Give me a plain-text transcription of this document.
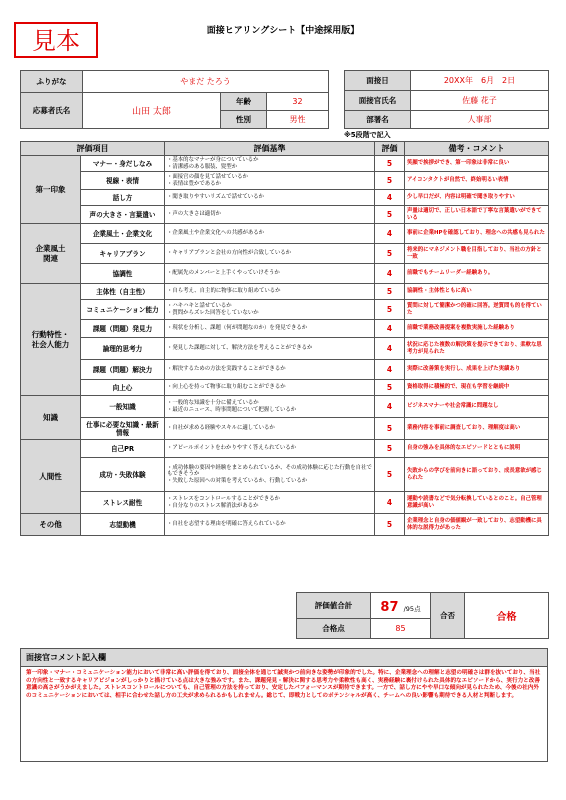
見本	面接ヒアリングシート【中途採用版】
ふりがな	やまだ たろう		
応募者氏名	山田 太郎	年齢	32
		性別	男性
面接日	20XX年　6月　2日
面接官氏名	佐藤 花子
部署名	人事部
※5段階で記入
評価項目		評価基準	評価	備考・コメント
第一印象	マナー・身だしなみ	・基本的なマナーが身についているか
・清潔感のある服装、髪型か	5	笑顔で挨拶ができ、第一印象は非常に良い
	視線・表情	・面接官の顔を見て話せているか
・表情は豊かであるか	5	アイコンタクトが自然で、終始明るい表情
	話し方	・聞き取りやすいリズムで話せているか	4	少し早口だが、内容は明確で聞き取りやすい
	声の大きさ・言葉遣い	・声の大きさは適切か	5	声量は適切で、正しい日本語で丁寧な言葉遣いができている
企業風土
関連	企業風土・企業文化	・企業風土や企業文化への共感があるか	4	事前に企業HPを確認しており、理念への共感も見られた
	キャリアプラン	・キャリアプランと会社の方向性が合致しているか	5	将来的にマネジメント職を目指しており、当社の方針と一致
	協調性	・配属先のメンバーと上手くやっていけそうか	4	前職でもチームリーダー経験あり。
行動特性・
社会人能力	主体性（自主性）	・自ら考え、自主的に物事に取り組めているか	5	協調性・主体性ともに高い
	コミュニケーション能力	・ハキハキと話せているか
・質問からズレた回答をしていないか	5	質問に対して簡潔かつ的確に回答。逆質問も的を得ていた
	課題（問題）発見力	・現状を分析し、課題（何が問題なのか）を発見できるか	4	前職で業務改善提案を複数実施した経験あり
	論理的思考力	・発見した課題に対して、解決方法を考えることができるか	4	状況に応じた複数の解決策を提示できており、柔軟な思考力が見られた
	課題（問題）解決力	・解決するための方法を実践することができるか	4	実際に改善策を実行し、成果を上げた実績あり
	向上心	・向上心を持って物事に取り組むことができるか	5	資格取得に積極的で、現在も学習を継続中
知識	一般知識	・一般的な知識を十分に備えているか
・最近のニュース、時事問題について把握しているか	4	ビジネスマナーや社会常識に問題なし
	仕事に必要な知識・最新情報	・自社が求める経験やスキルに適しているか	5	業務内容を事前に調査しており、理解度は高い
人間性	自己PR	・アピールポイントをわかりやすく答えられているか	5	自身の強みを具体的なエピソードとともに説明
	成功・失敗体験	・成功体験の要因や経験をまとめられているか、その成功体験に応じた行動を自社でもできそうか
・失敗した原因への対策を考えているか、行動しているか	5	失敗からの学びを前向きに語っており、成長意欲が感じられた
	ストレス耐性	・ストレスをコントロールすることができるか
・自分なりのストレス解消法があるか	4	運動や読書などで気分転換しているとのこと。自己管理意識が高い
その他	志望動機	・自社を志望する理由を明確に答えられているか	5	企業理念と自身の価値観が一致しており、志望動機に具体的な説得力があった
評価値合計	87 /95点	合否	合格
合格点	85		
面接官コメント記入欄
第一印象・マナー・コミュニケーション能力において非常に高い評価を得ており、面接全体を通じて誠実かつ前向きな姿勢が印象的でした。特に、企業理念への理解と志望の明確さは群を抜いており、当社の方向性と一致するキャリアビジョンがしっかりと描けている点は大きな強みです。また、課題発見・解決に関する思考力や柔軟性も高く、実務経験に裏付けられた具体的なエピソードから、実行力と改善意識の高さがうかがえました。ストレスコントロールについても、自己管理の方法を持っており、安定したパフォーマンスが期待できます。一方で、話し方にやや早口な傾向が見られたため、今後の社内外のコミュニケーションにおいては、相手に合わせた話し方の工夫が求められるかもしれません。総じて、即戦力としてのポテンシャルが高く、チームへの良い影響も期待できる人材と判断します。
